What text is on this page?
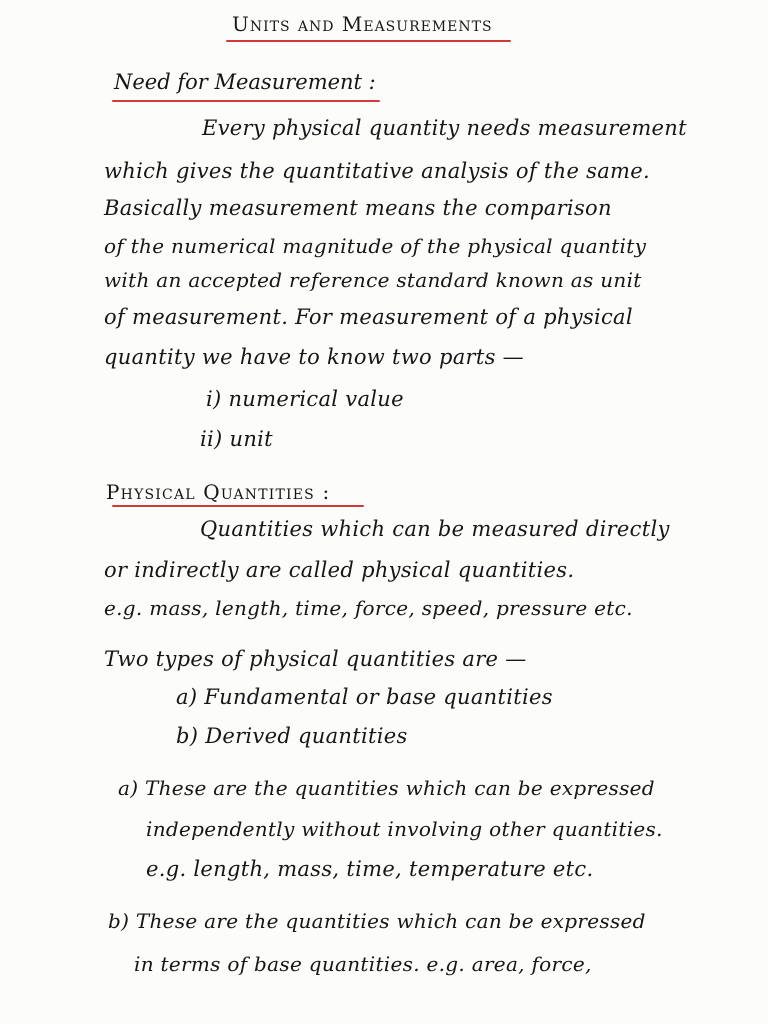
Units and Measurements
Need for Measurement :
Every physical quantity needs measurement
which gives the quantitative analysis of the same.
Basically measurement means the comparison
of the numerical magnitude of the physical quantity
with an accepted reference standard known as unit
of measurement. For measurement of a physical
quantity we have to know two parts —
i) numerical value
ii) unit
Physical Quantities :
Quantities which can be measured directly
or indirectly are called physical quantities.
e.g. mass, length, time, force, speed, pressure etc.
Two types of physical quantities are —
a) Fundamental or base quantities
b) Derived quantities
a) These are the quantities which can be expressed
independently without involving other quantities.
e.g. length, mass, time, temperature etc.
b) These are the quantities which can be expressed
in terms of base quantities. e.g. area, force,
